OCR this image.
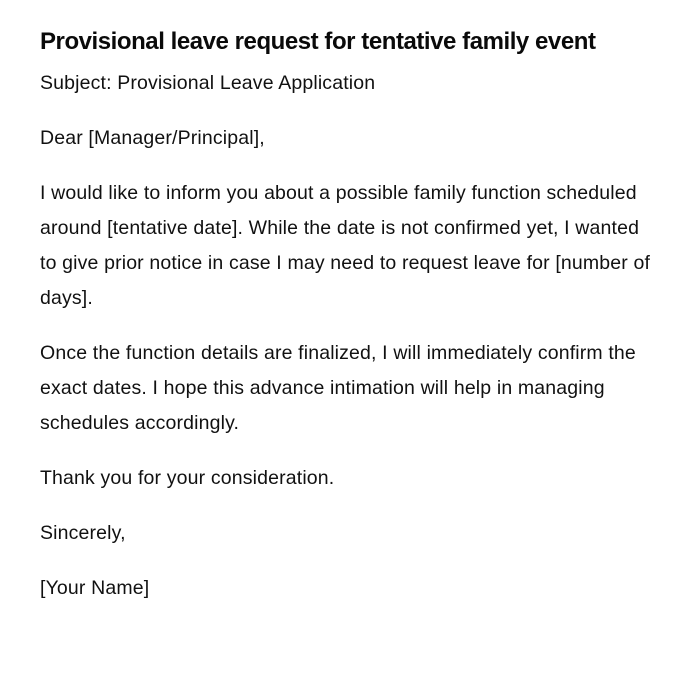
Provisional leave request for tentative family event

Subject: Provisional Leave Application

Dear [Manager/Principal],

I would like to inform you about a possible family function scheduled around [tentative date]. While the date is not confirmed yet, I wanted to give prior notice in case I may need to request leave for [number of days].

Once the function details are finalized, I will immediately confirm the exact dates. I hope this advance intimation will help in managing schedules accordingly.

Thank you for your consideration.

Sincerely,

[Your Name]
